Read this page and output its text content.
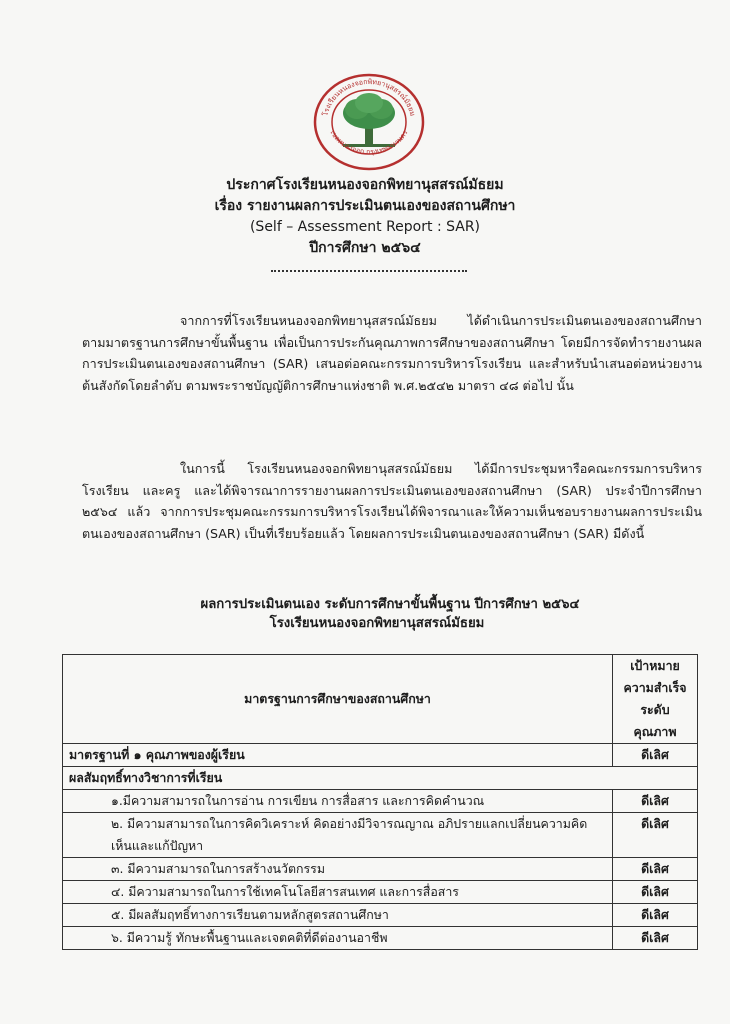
โรงเรียนหนองจอกพิทยานุสสรณ์มัธยม
เขตหนองจอก กรุงเทพมหานคร
ประกาศโรงเรียนหนองจอกพิทยานุสสรณ์มัธยม
เรื่อง รายงานผลการประเมินตนเองของสถานศึกษา
(Self – Assessment Report : SAR)
ปีการศึกษา ๒๕๖๔

จากการที่โรงเรียนหนองจอกพิทยานุสสรณ์มัธยม ได้ดำเนินการประเมินตนเองของสถานศึกษา ตามมาตรฐานการศึกษาขั้นพื้นฐาน เพื่อเป็นการประกันคุณภาพการศึกษาของสถานศึกษา โดยมีการจัดทำรายงานผลการประเมินตนเองของสถานศึกษา (SAR) เสนอต่อคณะกรรมการบริหารโรงเรียน และสำหรับนำเสนอต่อหน่วยงานต้นสังกัดโดยลำดับ ตามพระราชบัญญัติการศึกษาแห่งชาติ พ.ศ.๒๕๔๒ มาตรา ๔๘ ต่อไป นั้น

ในการนี้ โรงเรียนหนองจอกพิทยานุสสรณ์มัธยม ได้มีการประชุมหารือคณะกรรมการบริหารโรงเรียน และครู และได้พิจารณาการรายงานผลการประเมินตนเองของสถานศึกษา (SAR) ประจำปีการศึกษา ๒๕๖๔ แล้ว จากการประชุมคณะกรรมการบริหารโรงเรียนได้พิจารณาและให้ความเห็นชอบรายงานผลการประเมินตนเองของสถานศึกษา (SAR) เป็นที่เรียบร้อยแล้ว โดยผลการประเมินตนเองของสถานศึกษา (SAR) มีดังนี้

ผลการประเมินตนเอง ระดับการศึกษาขั้นพื้นฐาน ปีการศึกษา ๒๕๖๔
โรงเรียนหนองจอกพิทยานุสสรณ์มัธยม
มาตรฐานการศึกษาของสถานศึกษา	เป้าหมาย
ความสำเร็จ
ระดับคุณภาพ

มาตรฐานที่ ๑ คุณภาพของผู้เรียน	ดีเลิศ
ผลสัมฤทธิ์ทางวิชาการที่เรียน	
๑.มีความสามารถในการอ่าน การเขียน การสื่อสาร และการคิดคำนวณ	ดีเลิศ
๒. มีความสามารถในการคิดวิเคราะห์ คิดอย่างมีวิจารณญาณ อภิปรายแลกเปลี่ยนความคิดเห็นและแก้ปัญหา	ดีเลิศ
๓. มีความสามารถในการสร้างนวัตกรรม	ดีเลิศ
๔. มีความสามารถในการใช้เทคโนโลยีสารสนเทศ และการสื่อสาร	ดีเลิศ
๕. มีผลสัมฤทธิ์ทางการเรียนตามหลักสูตรสถานศึกษา	ดีเลิศ
๖. มีความรู้ ทักษะพื้นฐานและเจตคติที่ดีต่องานอาชีพ	ดีเลิศ
